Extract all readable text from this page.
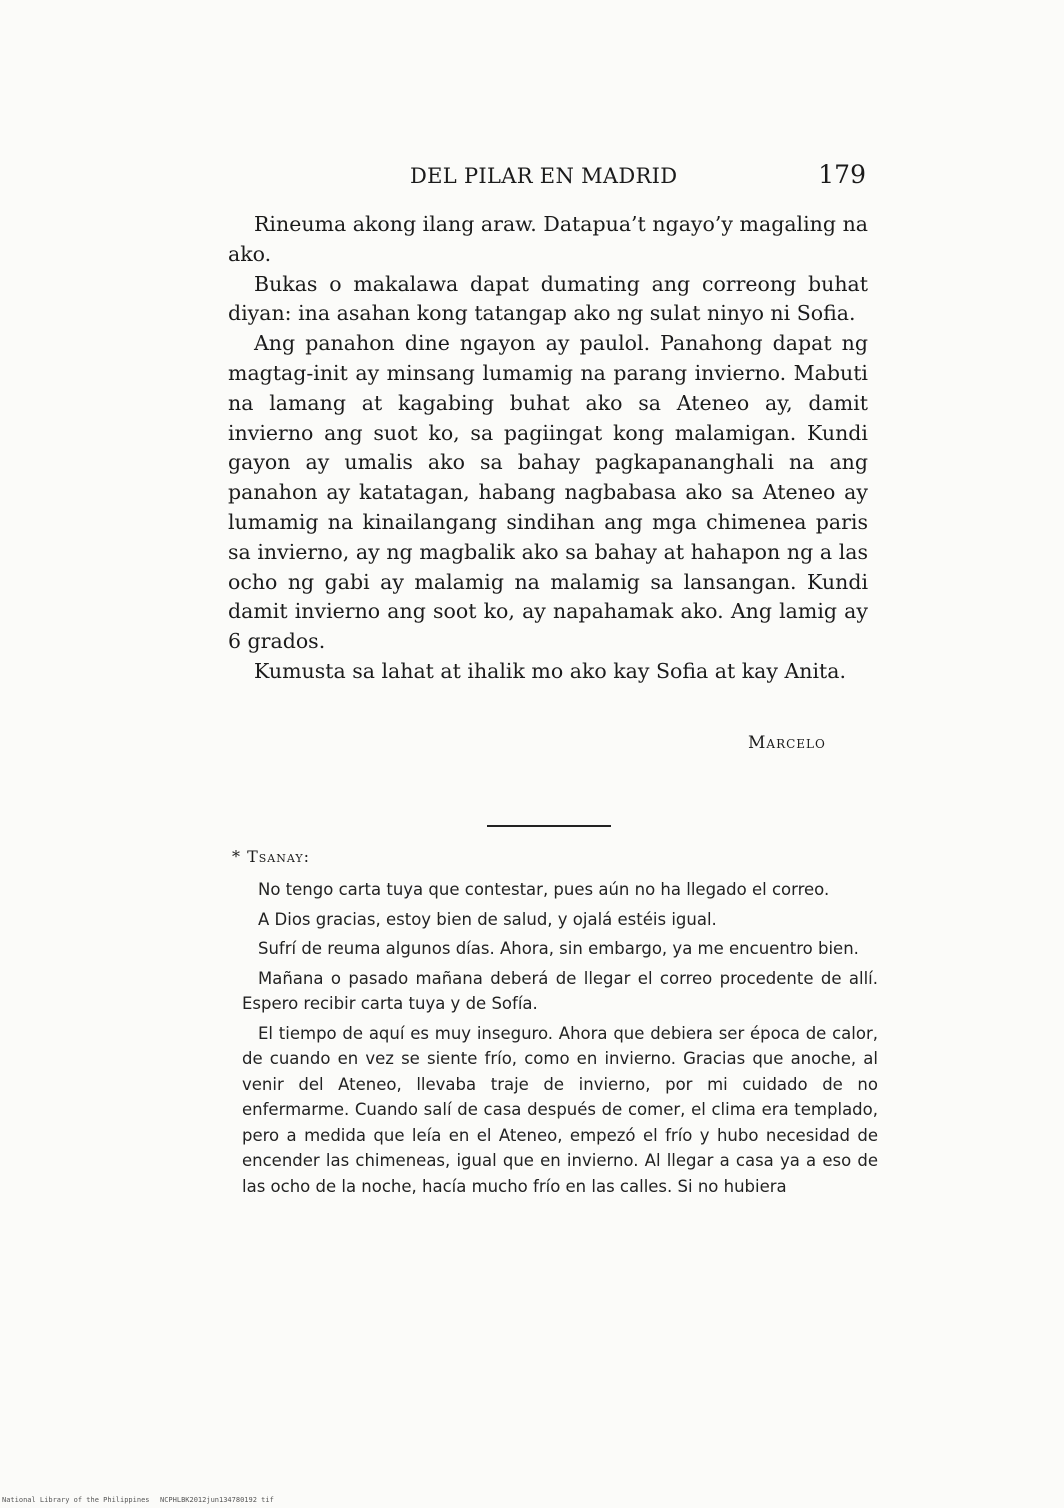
DEL PILAR EN MADRID	179

Rineuma akong ilang araw. Datapua’t ngayo’y magaling na ako.

Bukas o makalawa dapat dumating ang correong buhat diyan: ina asahan kong tatangap ako ng sulat ninyo ni Sofia.

Ang panahon dine ngayon ay paulol. Panahong dapat ng magtag-init ay minsang lumamig na parang invierno. Mabuti na lamang at kagabing buhat ako sa Ateneo ay, damit invierno ang suot ko, sa pagiingat kong malamigan. Kundi gayon ay umalis ako sa bahay pagkapananghali na ang panahon ay katatagan, habang nagbabasa ako sa Ateneo ay lumamig na kinailangang sindihan ang mga chimenea paris sa invierno, ay ng magbalik ako sa bahay at hahapon ng a las ocho ng gabi ay malamig na malamig sa lansangan. Kundi damit invierno ang soot ko, ay napahamak ako. Ang lamig ay 6 grados.

Kumusta sa lahat at ihalik mo ako kay Sofia at kay Anita.

Marcelo
* Tsanay:

No tengo carta tuya que contestar, pues aún no ha llegado el correo.

A Dios gracias, estoy bien de salud, y ojalá estéis igual.

Sufrí de reuma algunos días. Ahora, sin embargo, ya me encuentro bien.

Mañana o pasado mañana deberá de llegar el correo procedente de allí. Espero recibir carta tuya y de Sofía.

El tiempo de aquí es muy inseguro. Ahora que debiera ser época de calor, de cuando en vez se siente frío, como en invierno. Gracias que anoche, al venir del Ateneo, llevaba traje de invierno, por mi cuidado de no enfermarme. Cuando salí de casa después de comer, el clima era templado, pero a medida que leía en el Ateneo, empezó el frío y hubo necesidad de encender las chimeneas, igual que en invierno. Al llegar a casa ya a eso de las ocho de la noche, hacía mucho frío en las calles. Si no hubiera

National Library of the Philippines NCPHLBK2012jun134780192 tif
